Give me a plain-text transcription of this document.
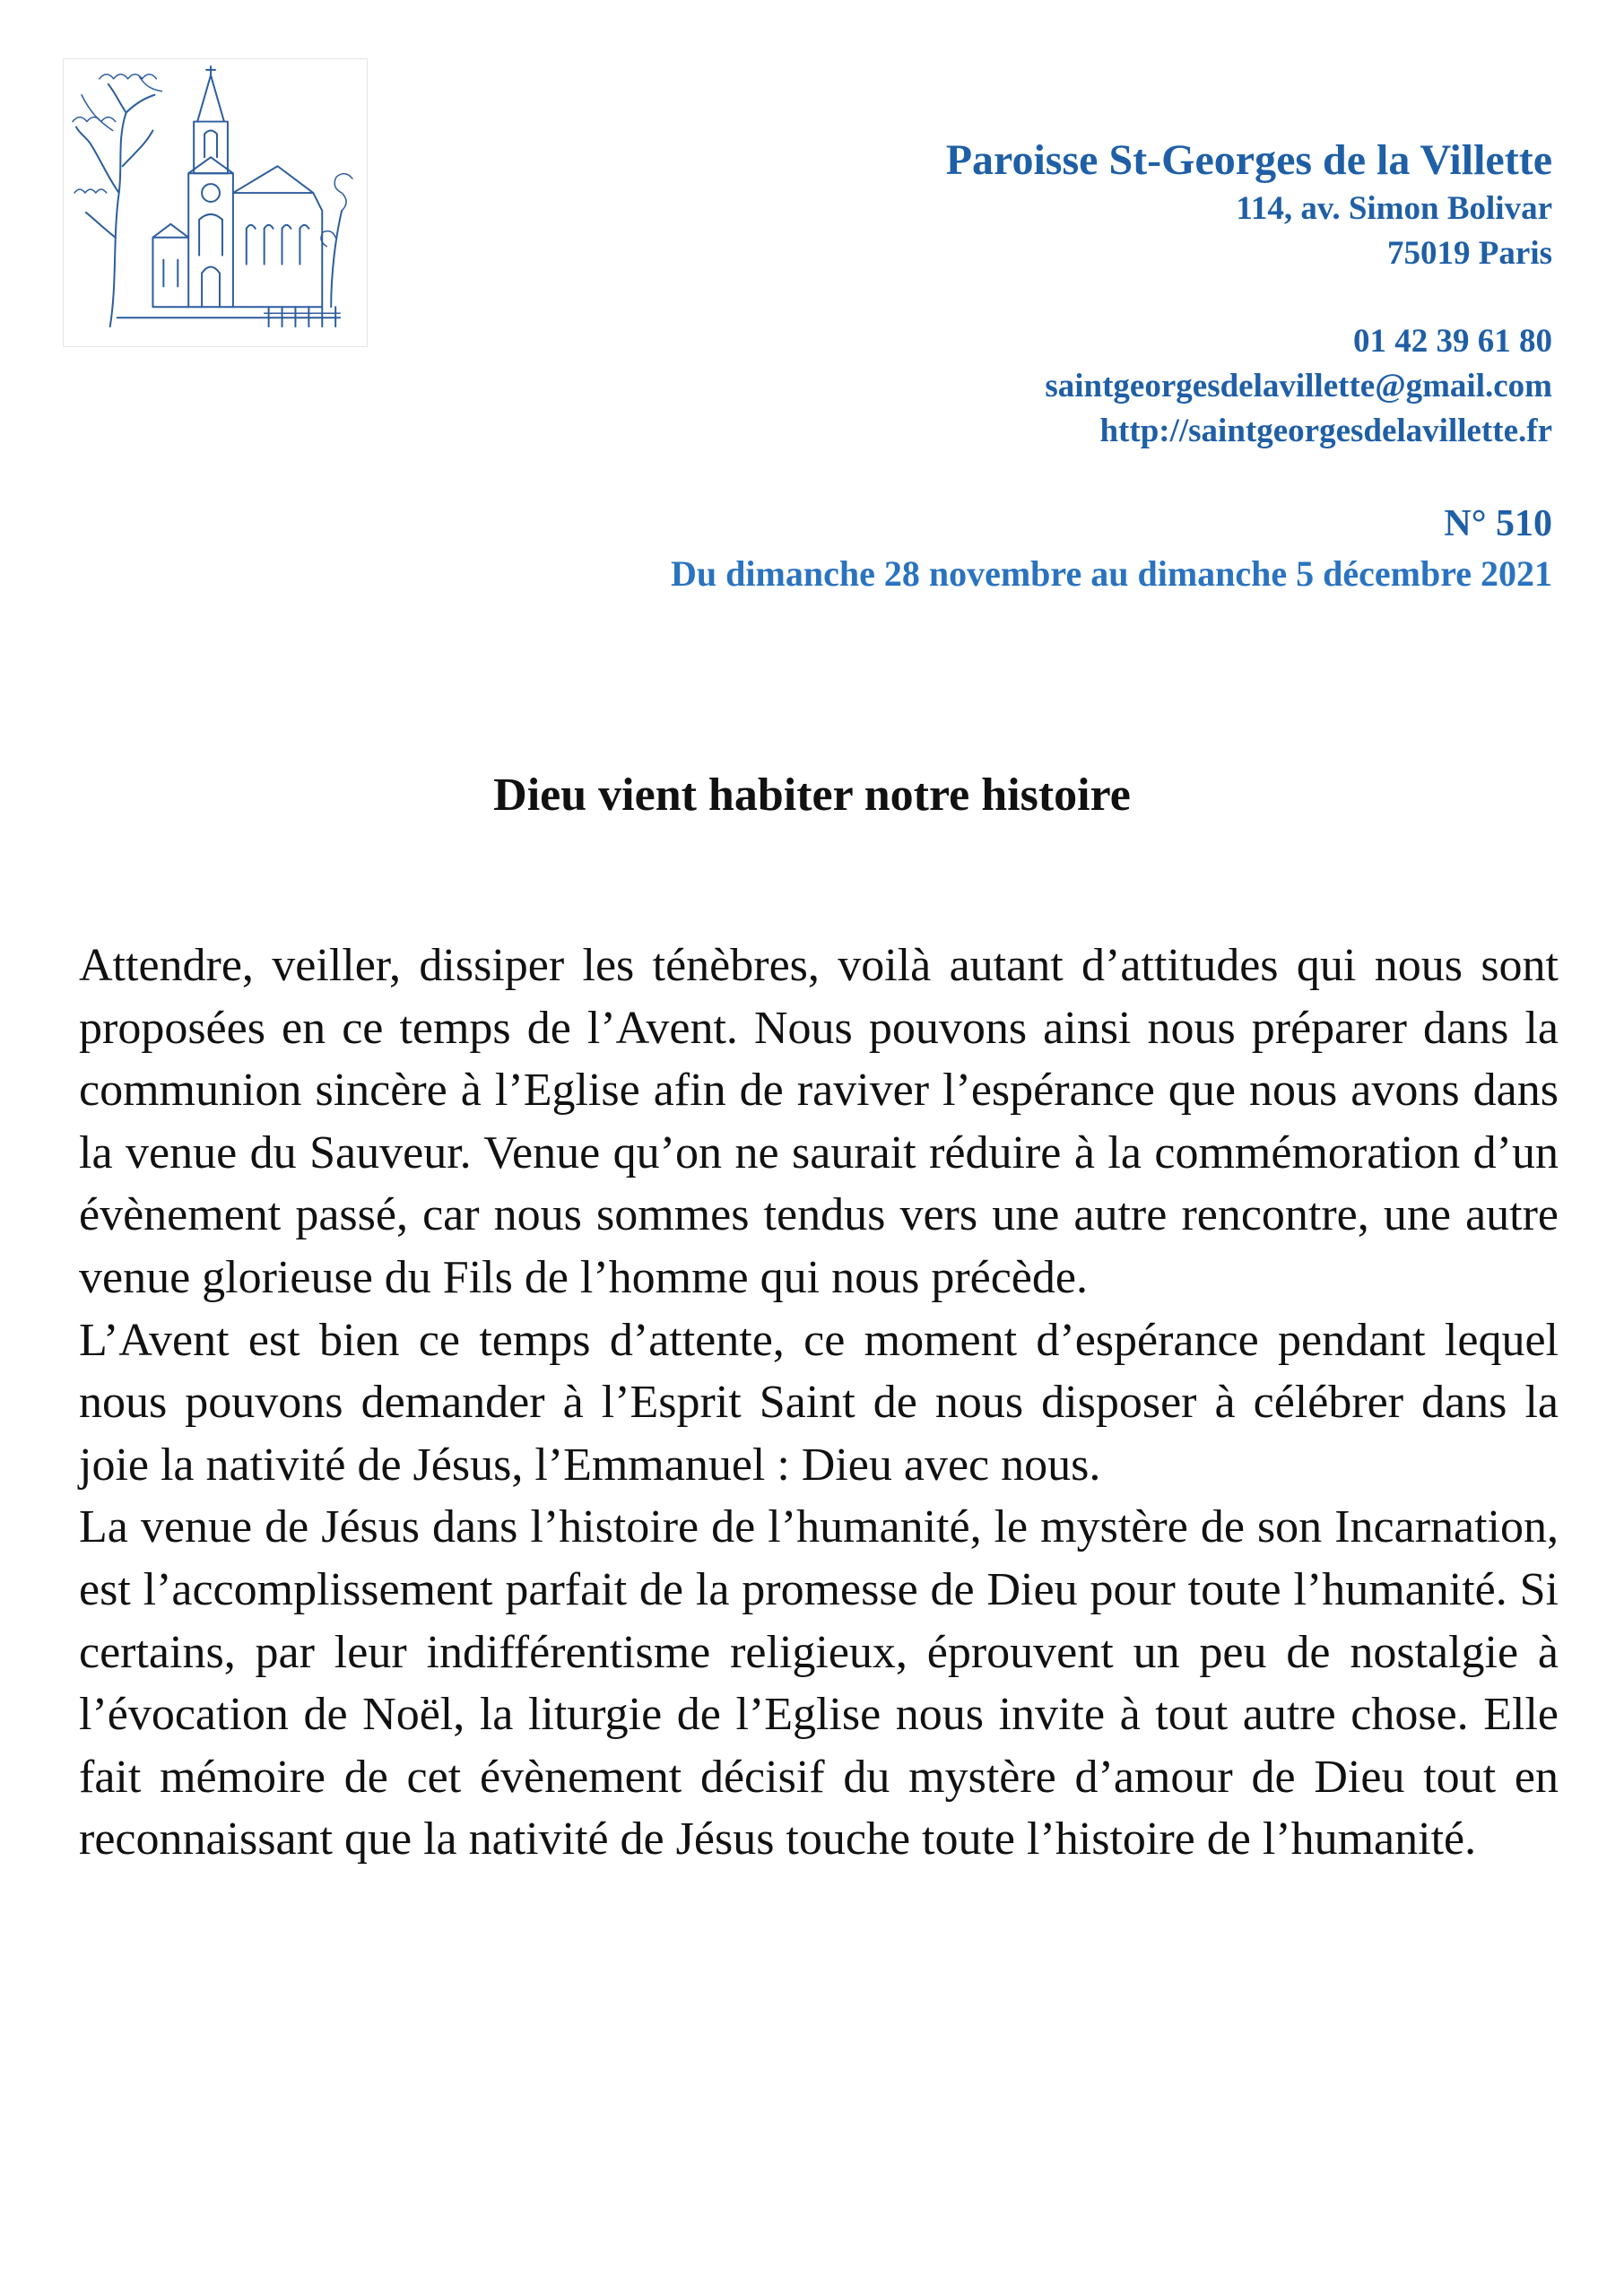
Paroisse St-Georges de la Villette
114, av. Simon Bolivar
75019 Paris
01 42 39 61 80
saintgeorgesdelavillette@gmail.com
http://saintgeorgesdelavillette.fr
N° 510
Du dimanche 28 novembre au dimanche 5 décembre 2021
Dieu vient habiter notre histoire

Attendre, veiller, dissiper les ténèbres, voilà autant d’attitudes qui nous sont proposées en ce temps de l’Avent. Nous pouvons ainsi nous préparer dans la communion sincère à l’Eglise afin de raviver l’espérance que nous avons dans la venue du Sauveur. Venue qu’on ne saurait réduire à la commémoration d’un évènement passé, car nous sommes tendus vers une autre rencontre, une autre venue glorieuse du Fils de l’homme qui nous précède.

L’Avent est bien ce temps d’attente, ce moment d’espérance pendant lequel nous pouvons demander à l’Esprit Saint de nous disposer à célébrer dans la joie la nativité de Jésus, l’Emmanuel : Dieu avec nous.

La venue de Jésus dans l’histoire de l’humanité, le mystère de son Incarnation, est l’accomplissement parfait de la promesse de Dieu pour toute l’humanité. Si certains, par leur indifférentisme religieux, éprouvent un peu de nostalgie à l’évocation de Noël, la liturgie de l’Eglise nous invite à tout autre chose. Elle fait mémoire de cet évènement décisif du mystère d’amour de Dieu tout en reconnaissant que la nativité de Jésus touche toute l’histoire de l’humanité.
